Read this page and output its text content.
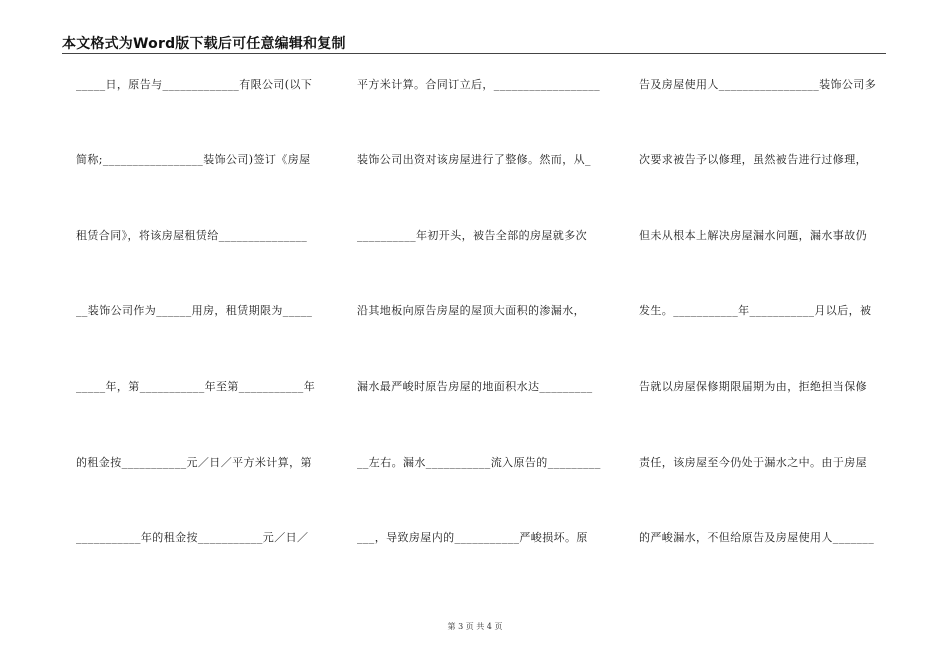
本文格式为Word版下载后可任意编辑和复制
_____日，原告与_____________有限公司(以下
简称;_________________装饰公司)签订《房屋
租赁合同》，将该房屋租赁给_______________
__装饰公司作为______用房，租赁期限为_____
_____年，第___________年至第___________年
的租金按___________元／日／平方米计算，第
___________年的租金按___________元／日／
平方米计算。合同订立后，__________________
装饰公司出资对该房屋进行了整修。然而，从_
__________年初开头，被告全部的房屋就多次
沿其地板向原告房屋的屋顶大面积的渗漏水，
漏水最严峻时原告房屋的地面积水达_________
__左右。漏水___________流入原告的_________
___，导致房屋内的___________严峻损坏。原
告及房屋使用人_________________装饰公司多
次要求被告予以修理，虽然被告进行过修理，
但未从根本上解决房屋漏水问题，漏水事故仍
发生。___________年___________月以后，被
告就以房屋保修期限届期为由，拒绝担当保修
责任，该房屋至今仍处于漏水之中。由于房屋
的严峻漏水，不但给原告及房屋使用人_______
第 3 页 共 4 页
